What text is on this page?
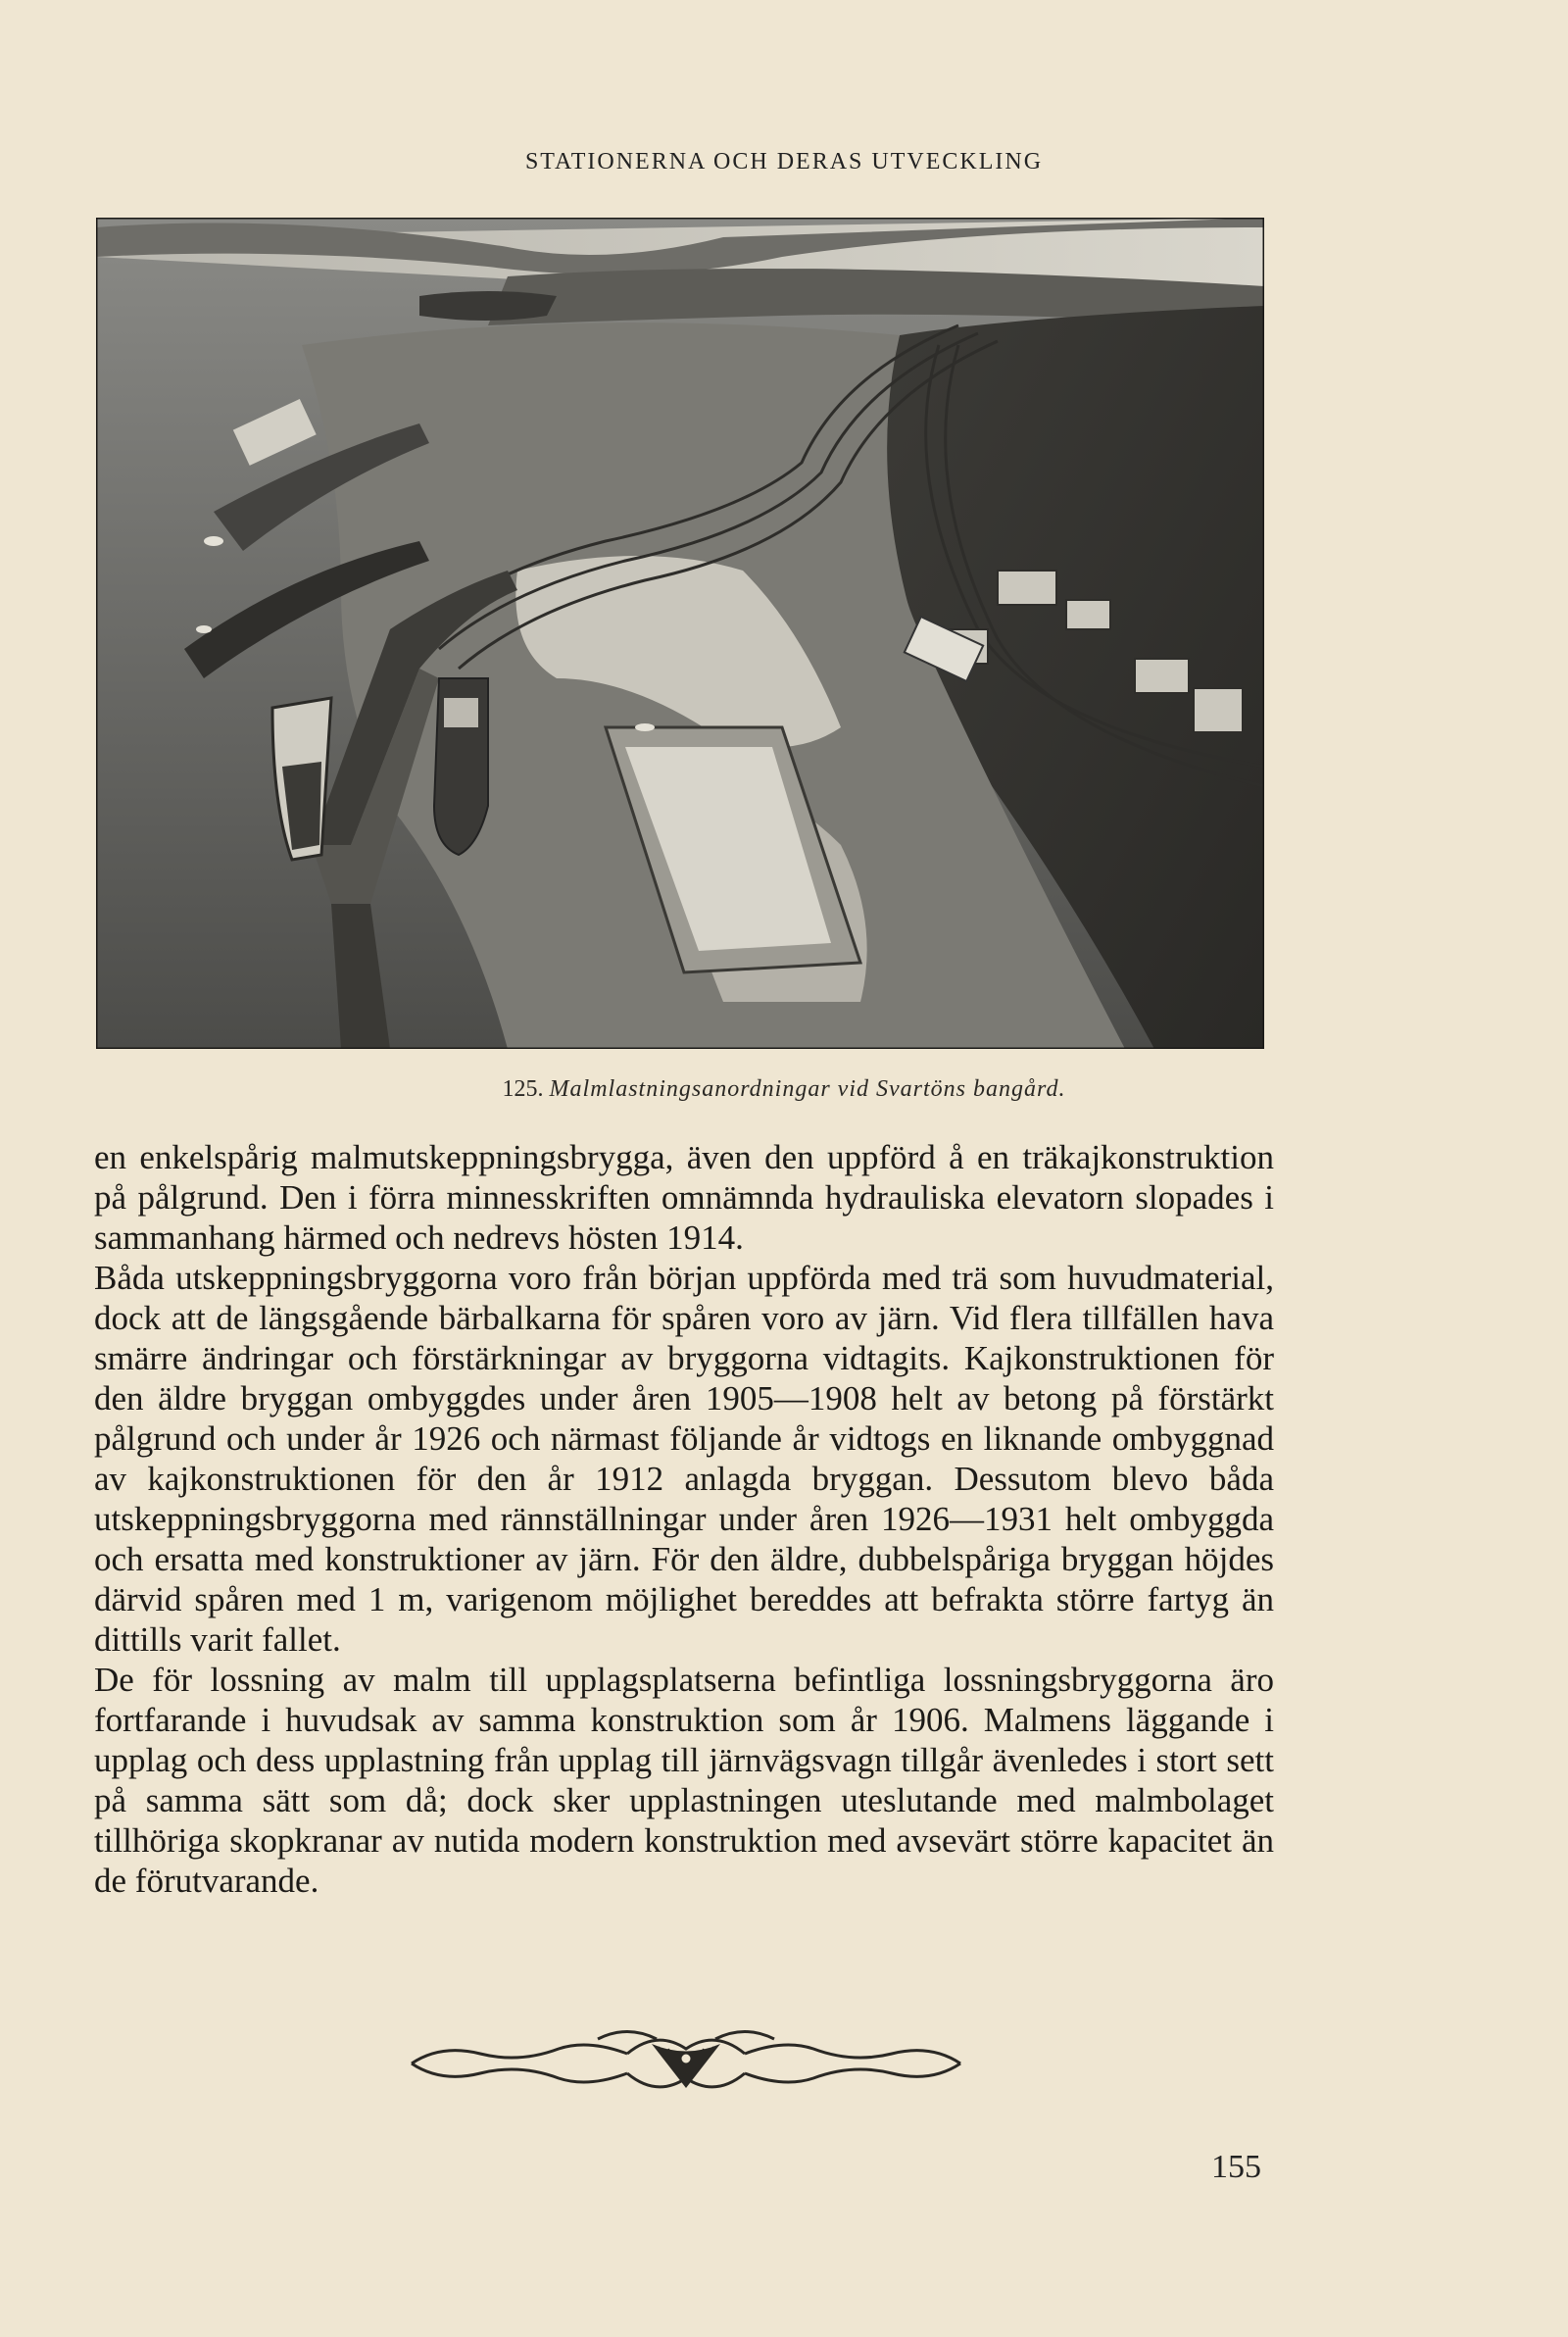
STATIONERNA OCH DERAS UTVECKLING
125. Malmlastningsanordningar vid Svartöns bangård.

en enkelspårig malmutskeppningsbrygga, även den uppförd å en träkajkonstruktion på pålgrund. Den i förra minnesskriften omnämnda hydrauliska elevatorn slopades i sammanhang härmed och nedrevs hösten 1914.

Båda utskeppningsbryggorna voro från början uppförda med trä som huvudmaterial, dock att de längsgående bärbalkarna för spåren voro av järn. Vid flera tillfällen hava smärre ändringar och förstärkningar av bryggorna vidtagits. Kajkonstruktionen för den äldre bryggan ombyggdes under åren 1905—1908 helt av betong på förstärkt pålgrund och under år 1926 och närmast följande år vidtogs en liknande ombyggnad av kajkonstruktionen för den år 1912 anlagda bryggan. Dessutom blevo båda utskeppningsbryggorna med rännställningar under åren 1926—1931 helt ombyggda och ersatta med konstruktioner av järn. För den äldre, dubbelspåriga bryggan höjdes därvid spåren med 1 m, varigenom möjlighet bereddes att befrakta större fartyg än dittills varit fallet.

De för lossning av malm till upplagsplatserna befintliga lossningsbryggorna äro fortfarande i huvudsak av samma konstruktion som år 1906. Malmens läggande i upplag och dess upplastning från upplag till järnvägsvagn tillgår ävenledes i stort sett på samma sätt som då; dock sker upplastningen uteslutande med malmbolaget tillhöriga skopkranar av nutida modern konstruktion med avsevärt större kapacitet än de förutvarande.

155
